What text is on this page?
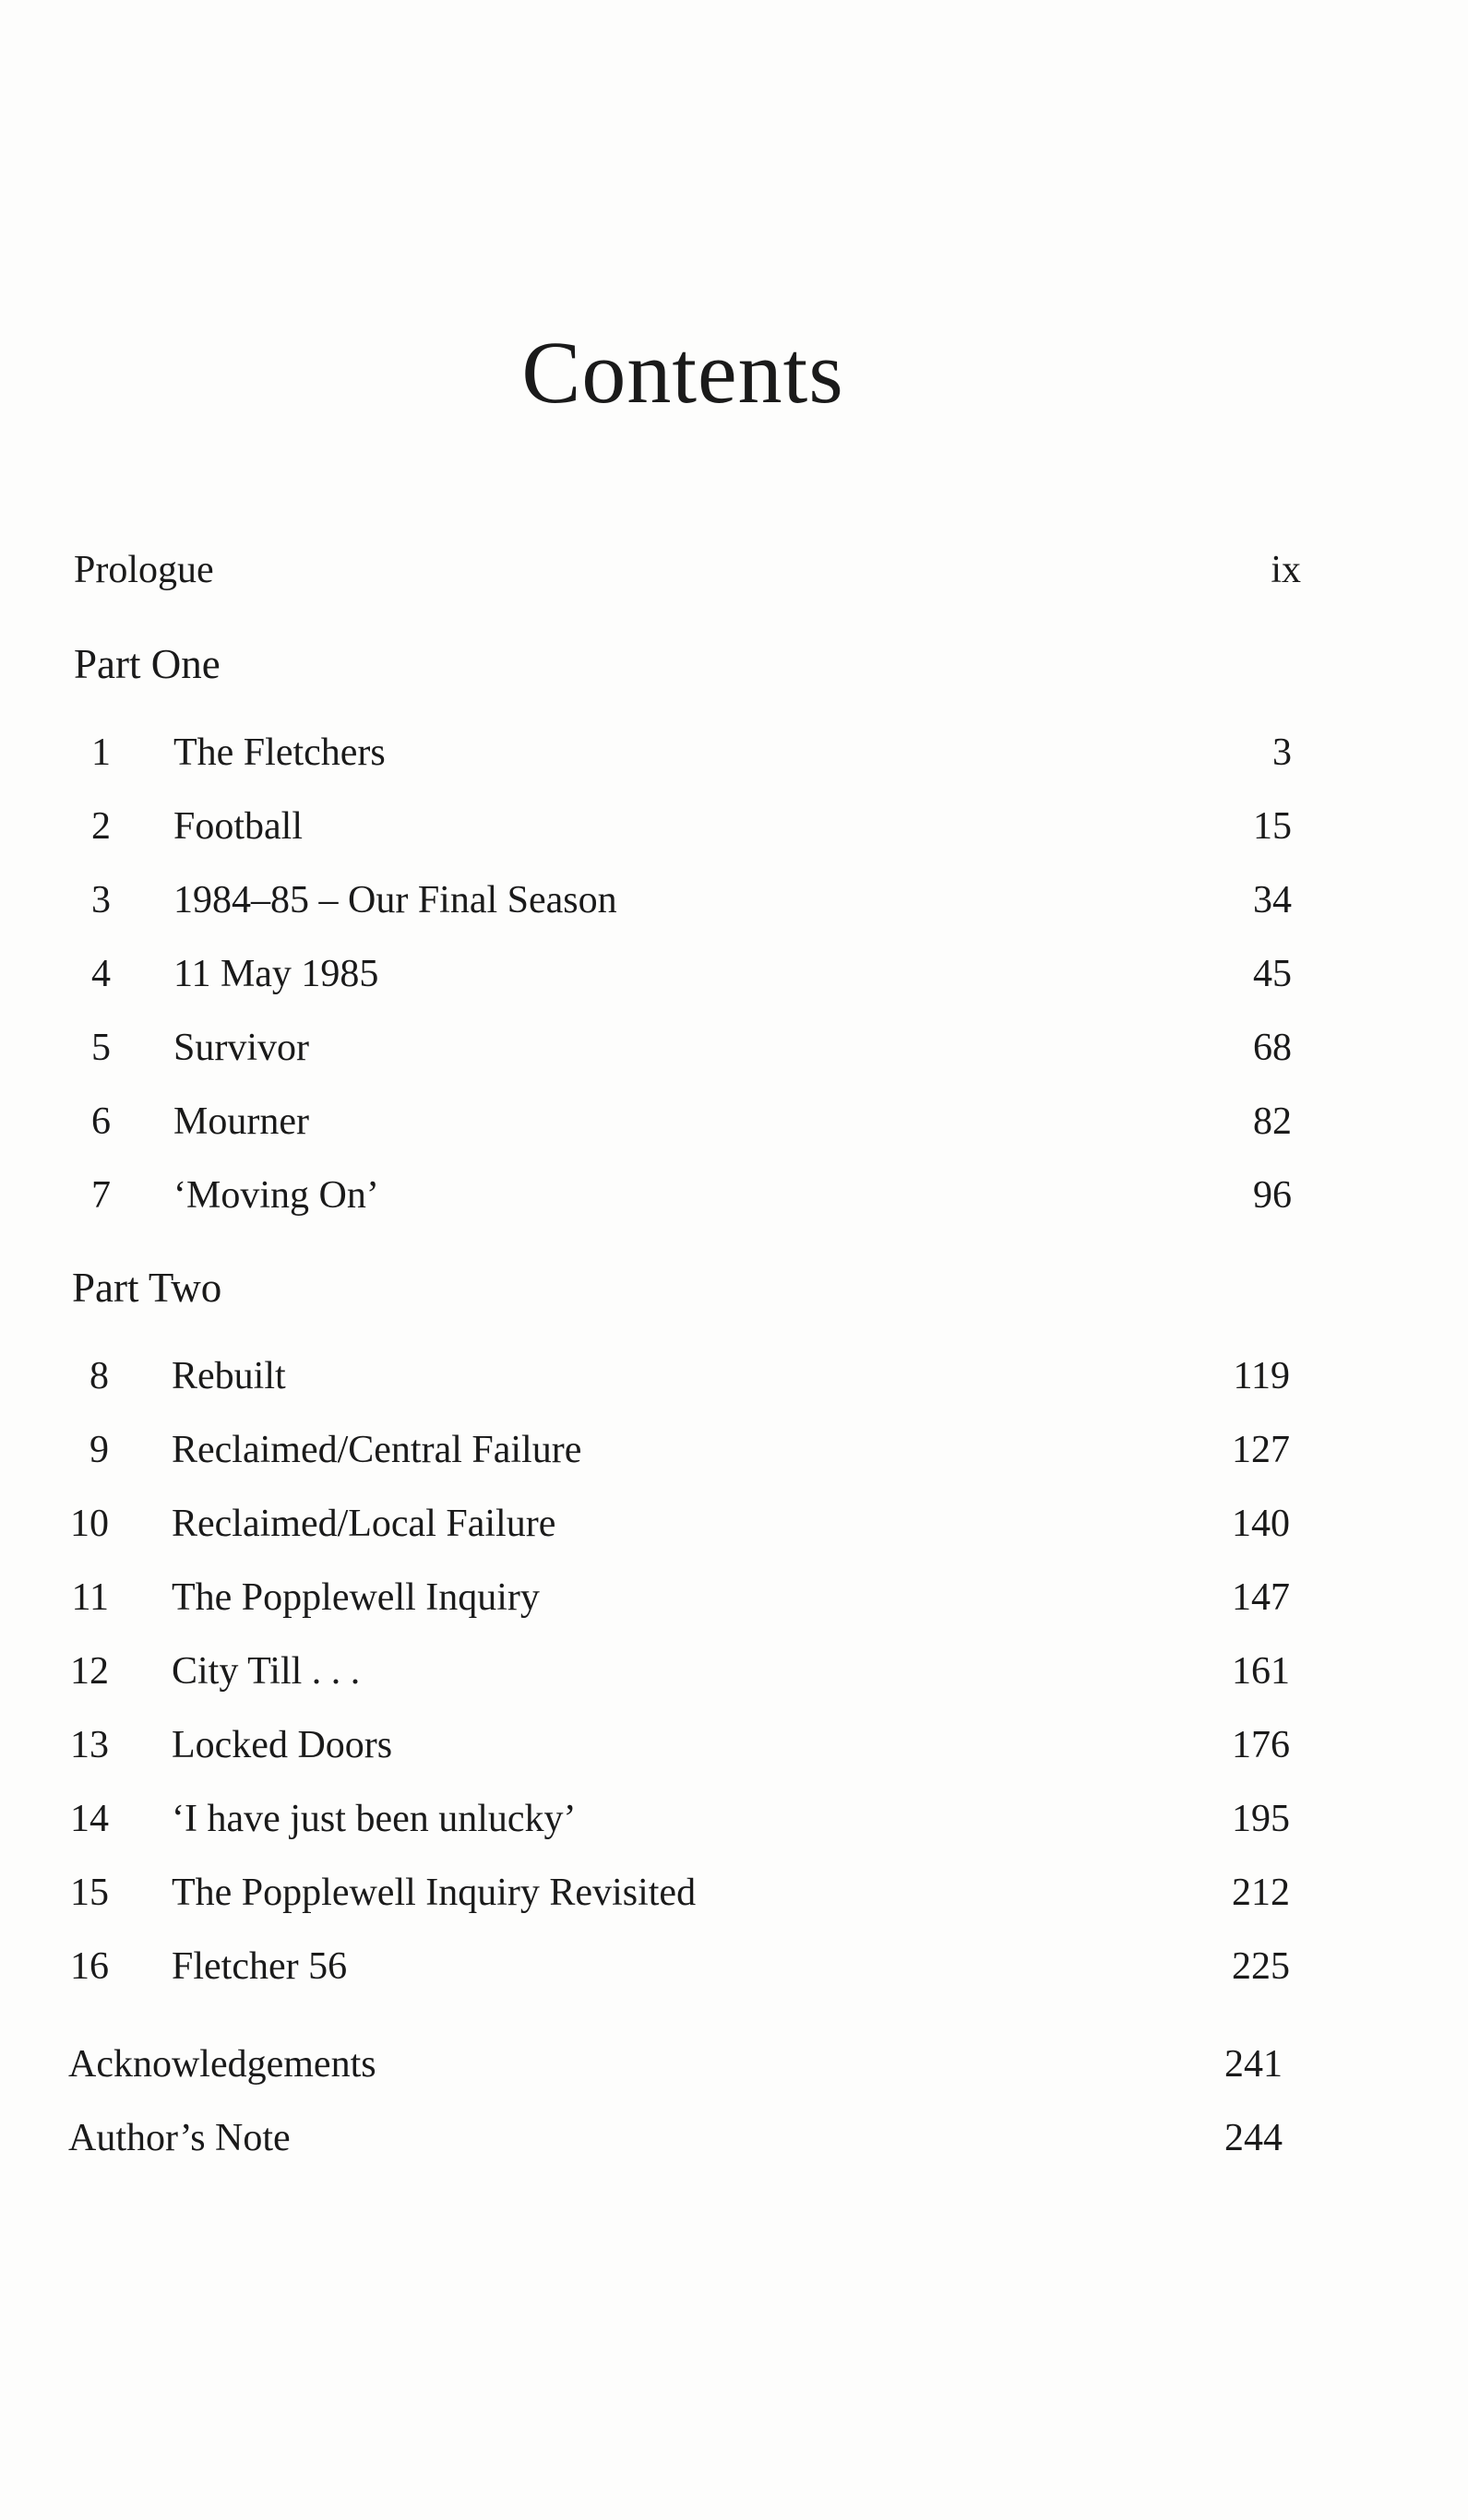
Contents
Prologue	ix
Part One
1 The Fletchers	3
2 Football	15
3 1984–85 – Our Final Season	34
4 11 May 1985	45
5 Survivor	68
6 Mourner	82
7 ‘Moving On’	96
Part Two
8 Rebuilt	119
9 Reclaimed/Central Failure	127
10 Reclaimed/Local Failure	140
11 The Popplewell Inquiry	147
12 City Till . . .	161
13 Locked Doors	176
14 ‘I have just been unlucky’	195
15 The Popplewell Inquiry Revisited	212
16 Fletcher 56	225
Acknowledgements	241
Author’s Note	244
